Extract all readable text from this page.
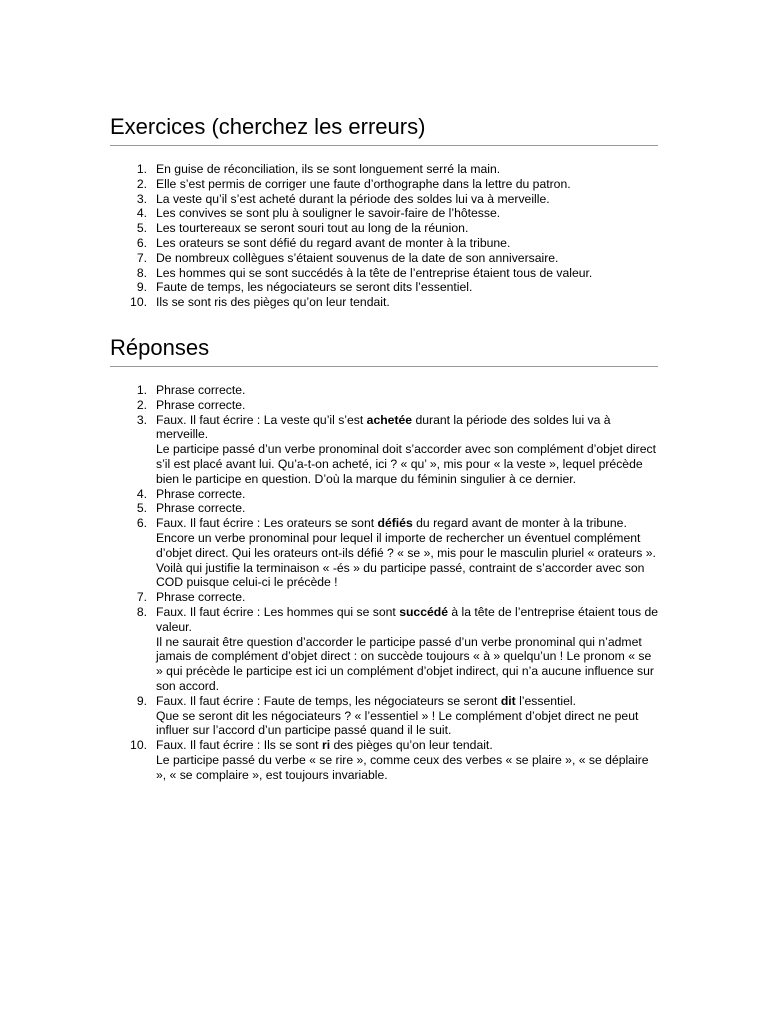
Exercices (cherchez les erreurs)
1. En guise de réconciliation, ils se sont longuement serré la main.
2. Elle s’est permis de corriger une faute d’orthographe dans la lettre du patron.
3. La veste qu’il s’est acheté durant la période des soldes lui va à merveille.
4. Les convives se sont plu à souligner le savoir-faire de l’hôtesse.
5. Les tourtereaux se seront souri tout au long de la réunion.
6. Les orateurs se sont défié du regard avant de monter à la tribune.
7. De nombreux collègues s’étaient souvenus de la date de son anniversaire.
8. Les hommes qui se sont succédés à la tête de l’entreprise étaient tous de valeur.
9. Faute de temps, les négociateurs se seront dits l’essentiel.
10. Ils se sont ris des pièges qu’on leur tendait.
Réponses
1. Phrase correcte.
2. Phrase correcte.
3. Faux. Il faut écrire : La veste qu’il s’est achetée durant la période des soldes lui va à merveille.
Le participe passé d’un verbe pronominal doit s’accorder avec son complément d’objet direct s’il est placé avant lui. Qu’a-t-on acheté, ici ? « qu’ », mis pour « la veste », lequel précède bien le participe en question. D’où la marque du féminin singulier à ce dernier.
4. Phrase correcte.
5. Phrase correcte.
6. Faux. Il faut écrire : Les orateurs se sont défiés du regard avant de monter à la tribune.
Encore un verbe pronominal pour lequel il importe de rechercher un éventuel complément d’objet direct. Qui les orateurs ont-ils défié ? « se », mis pour le masculin pluriel « orateurs ». Voilà qui justifie la terminaison « -és » du participe passé, contraint de s’accorder avec son COD puisque celui-ci le précède !
7. Phrase correcte.
8. Faux. Il faut écrire : Les hommes qui se sont succédé à la tête de l’entreprise étaient tous de valeur.
Il ne saurait être question d’accorder le participe passé d’un verbe pronominal qui n’admet jamais de complément d’objet direct : on succède toujours « à » quelqu’un ! Le pronom « se » qui précède le participe est ici un complément d’objet indirect, qui n’a aucune influence sur son accord.
9. Faux. Il faut écrire : Faute de temps, les négociateurs se seront dit l’essentiel.
Que se seront dit les négociateurs ? « l’essentiel » ! Le complément d’objet direct ne peut influer sur l’accord d’un participe passé quand il le suit.
10. Faux. Il faut écrire : Ils se sont ri des pièges qu’on leur tendait.
Le participe passé du verbe « se rire », comme ceux des verbes « se plaire », « se déplaire », « se complaire », est toujours invariable.
